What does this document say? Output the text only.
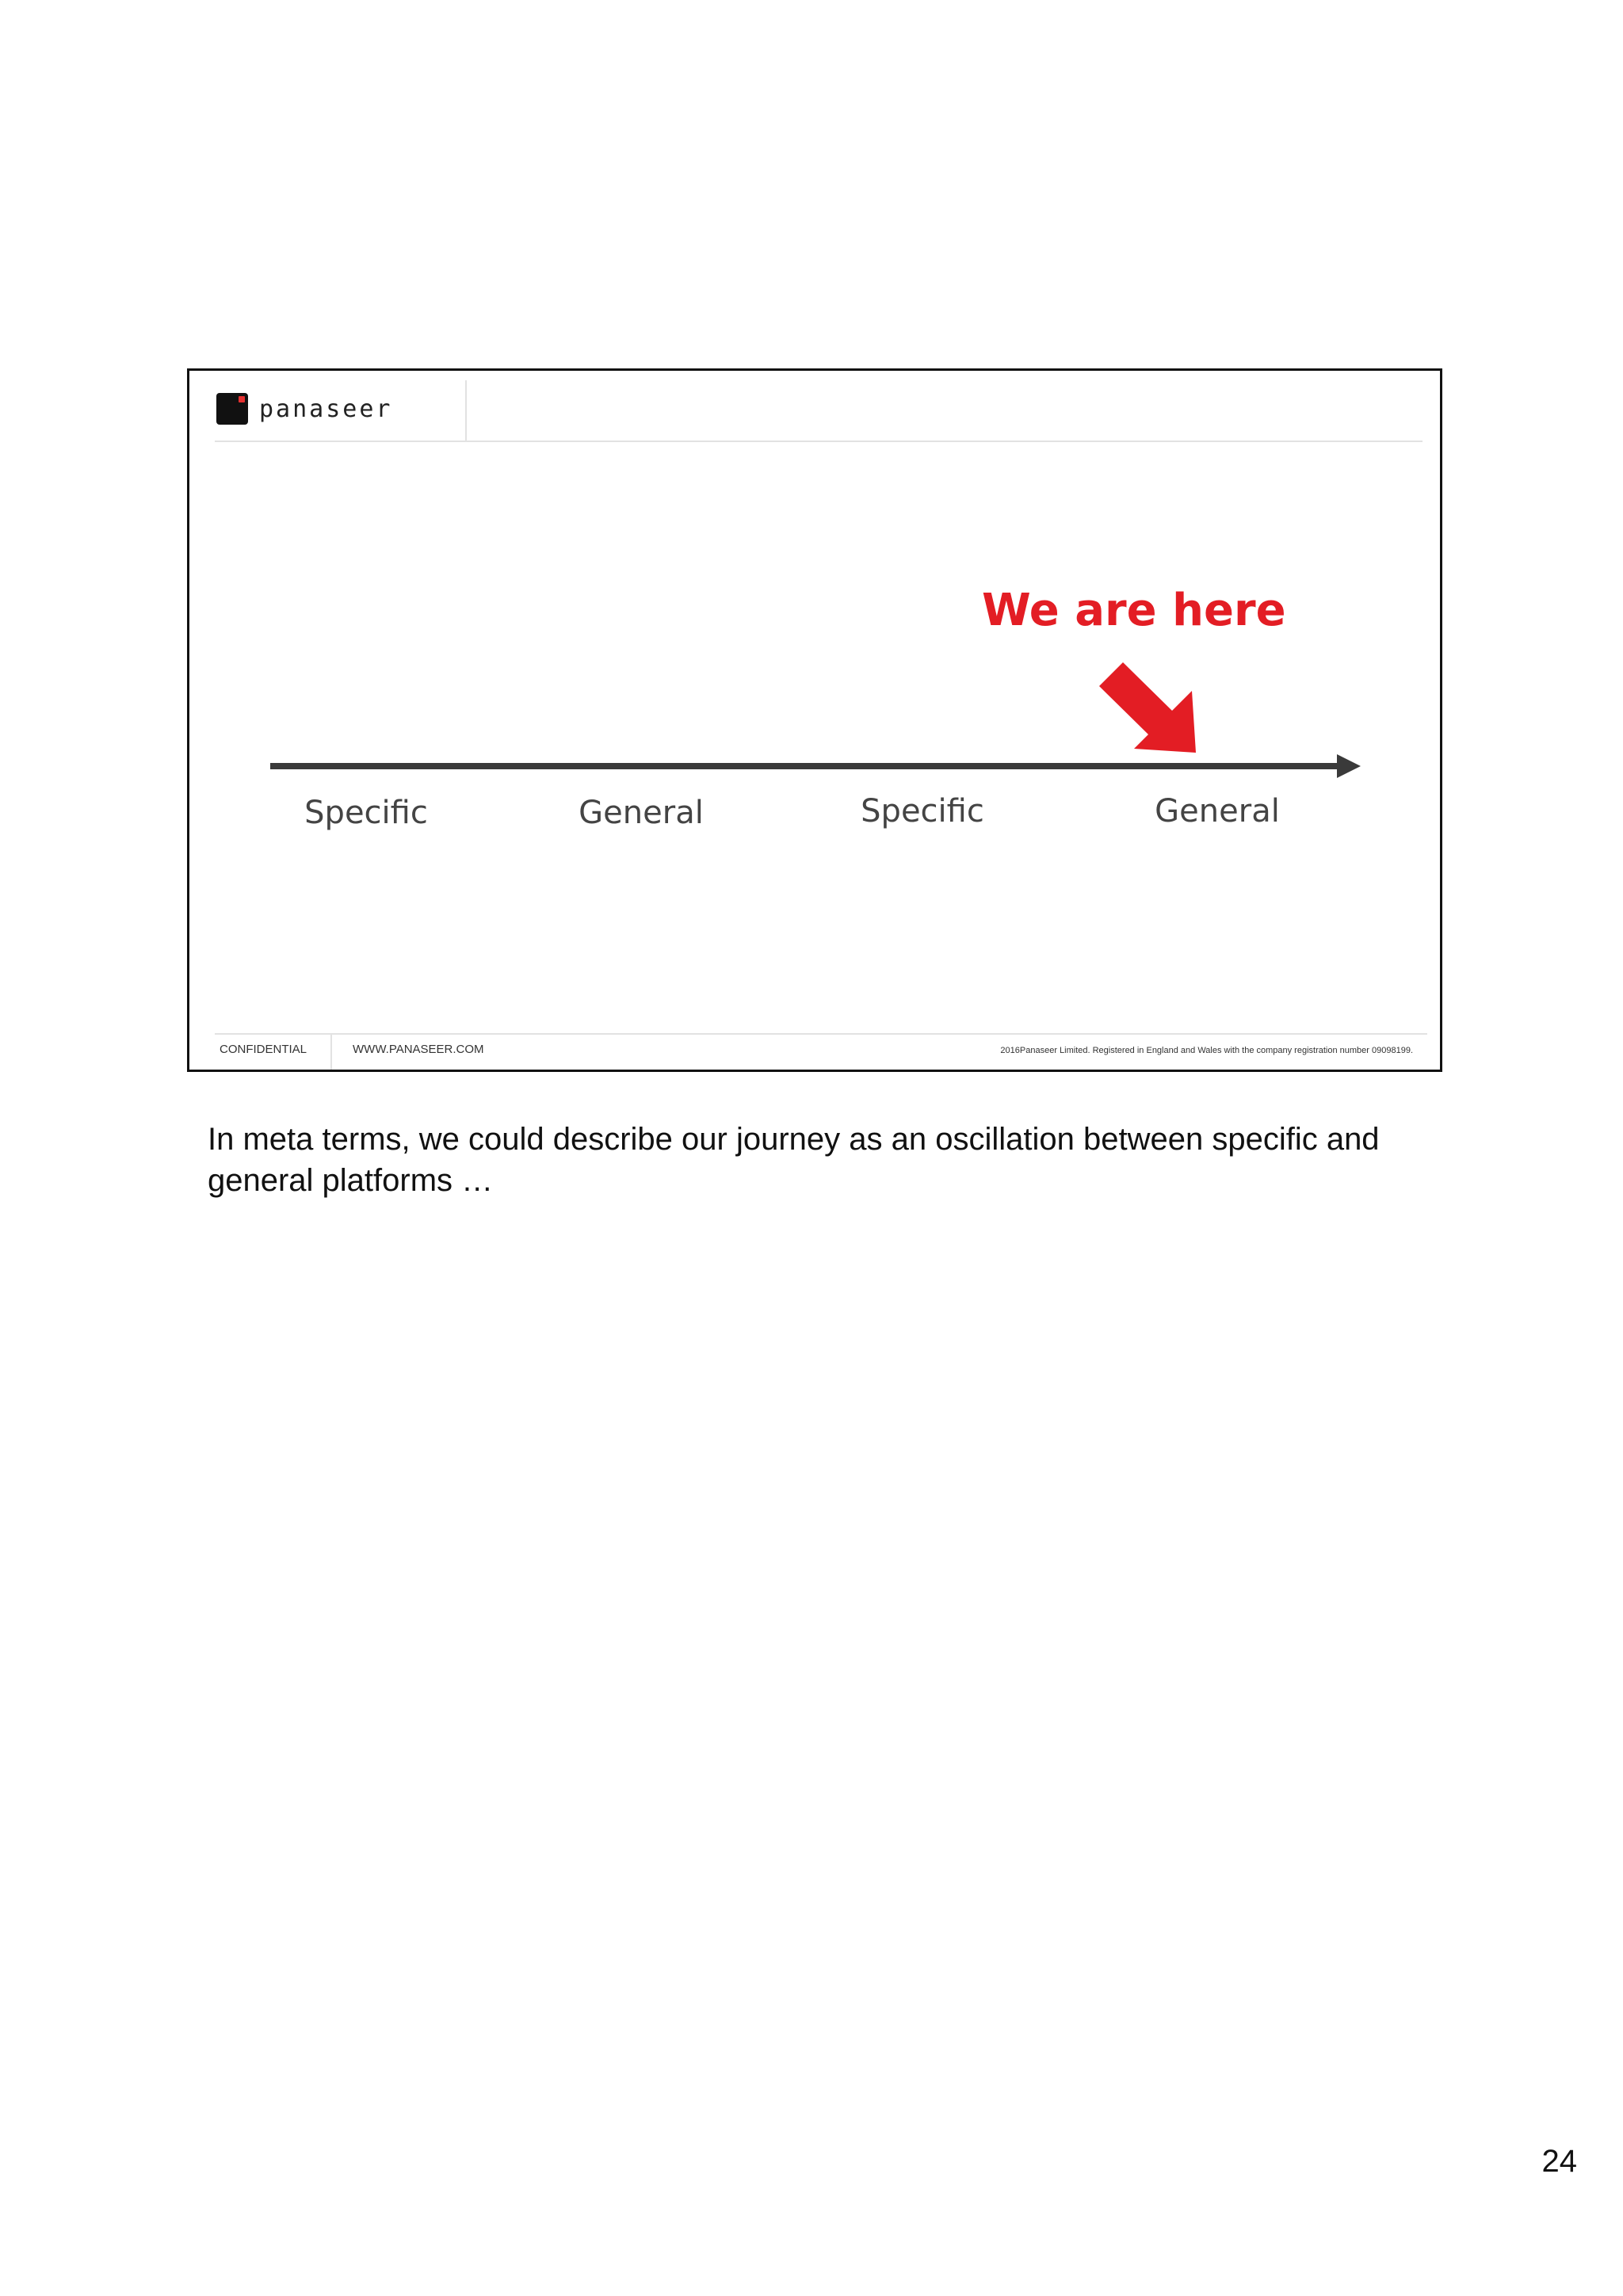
panaseer
We are here
Specific	General	Specific	General
CONFIDENTIAL	WWW.PANASEER.COM	2016Panaseer Limited. Registered in England and Wales with the company registration number 09098199.
In meta terms, we could describe our journey as an oscillation between specific and general platforms …
24
